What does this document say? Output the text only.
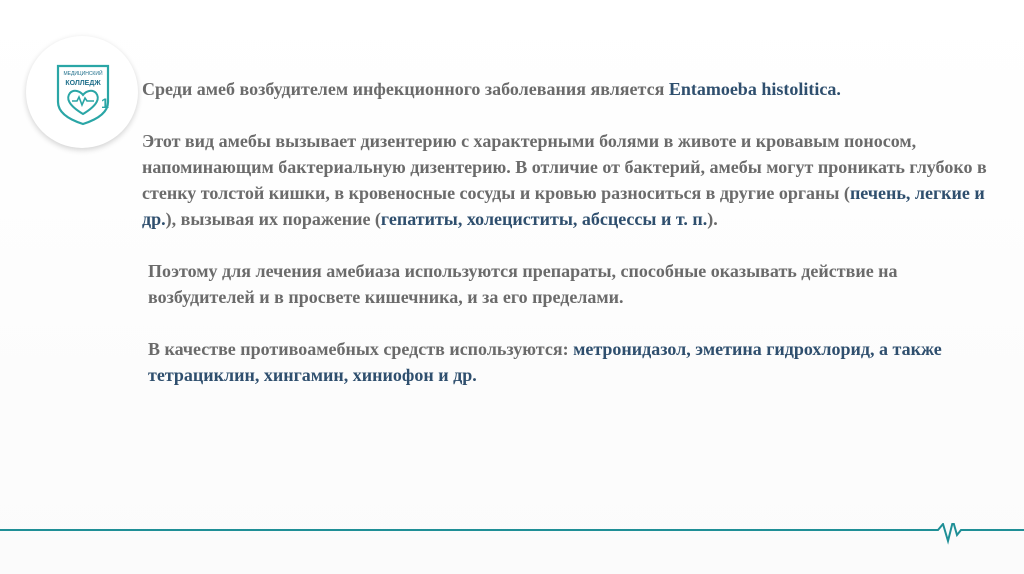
МЕДИЦИНСКИЙ
КОЛЛЕДЖ
1

Среди амеб возбудителем инфекционного заболевания является Entamoeba histolitica.

Этот вид амебы вызывает дизентерию с характерными болями в животе и кровавым поносом, напоминающим бактериальную дизентерию. В отличие от бактерий, амебы могут проникать глубоко в стенку толстой кишки, в кровеносные сосуды и кровью разноситься в другие органы (печень, легкие и др.), вызывая их поражение (гепатиты, холециститы, абсцессы и т. п.).

Поэтому для лечения амебиаза используются препараты, способные оказывать действие на возбудителей и в просвете кишечника, и за его пределами.

В качестве противоамебных средств используются: метронидазол, эметина гидрохлорид, а также тетрациклин, хингамин, хиниофон и др.
